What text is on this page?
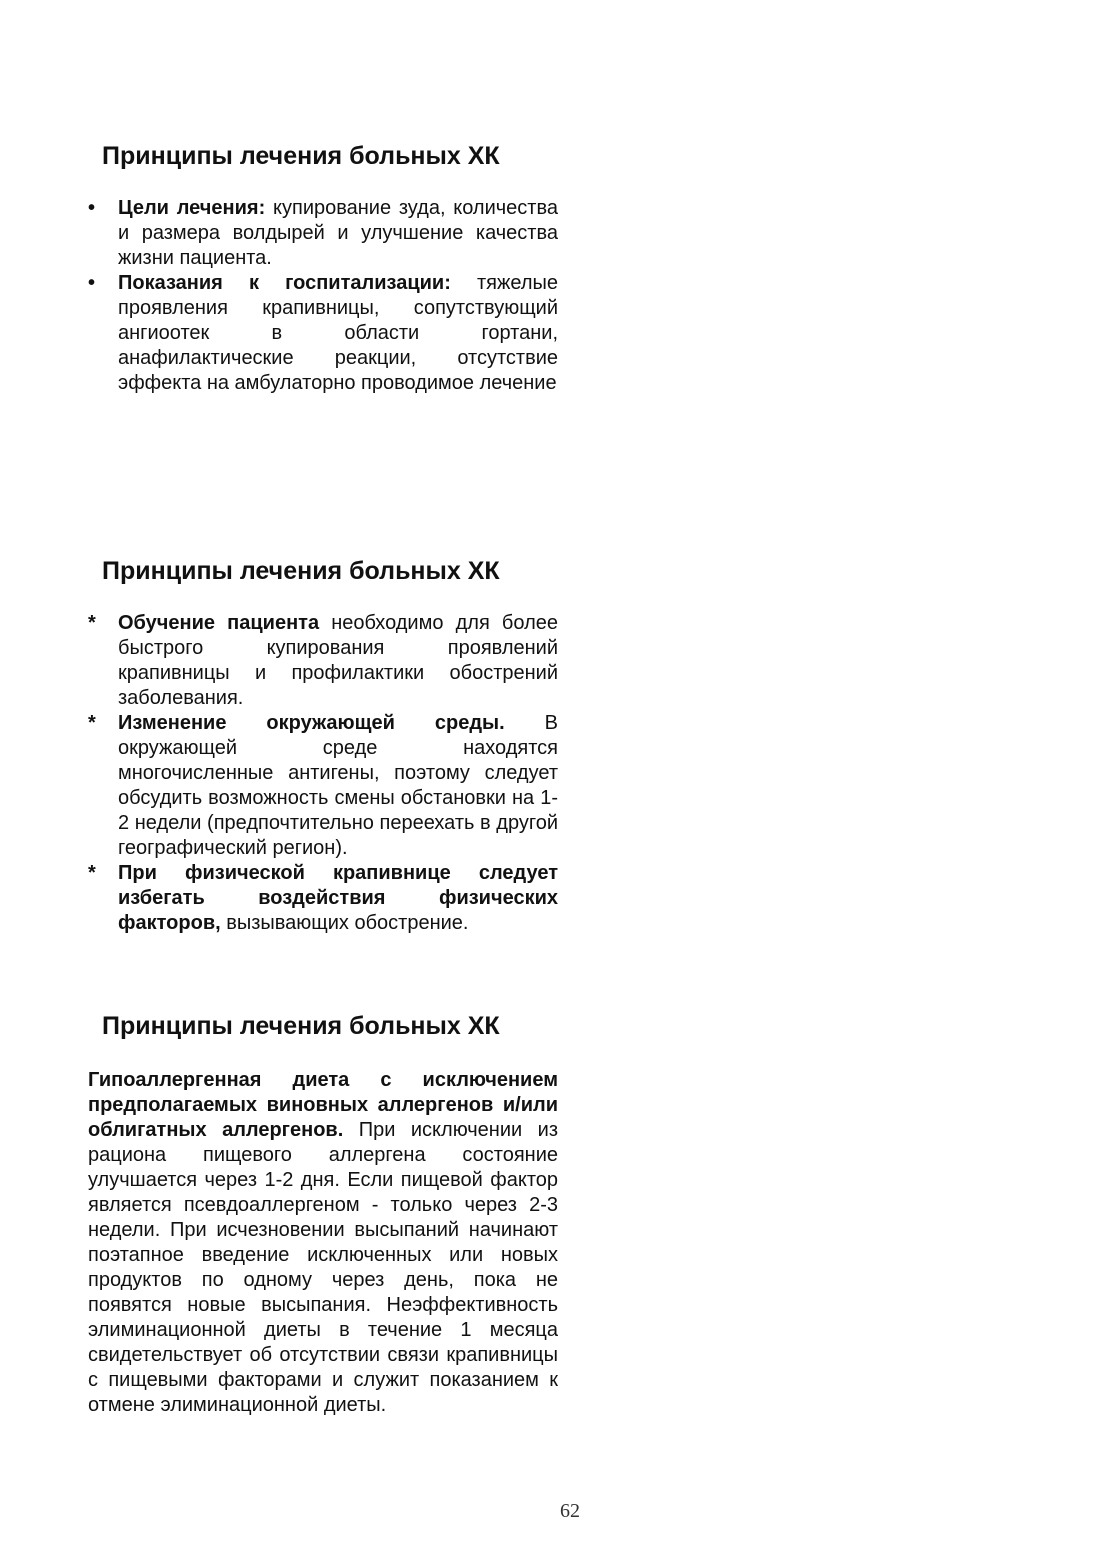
Принципы лечения больных ХК
•	Цели лечения: купирование зуда, количества и размера волдырей и улучшение качества жизни пациента.
•	Показания к госпитализации: тяжелые проявления крапивницы, сопутствующий ангиоотек в области гортани, анафилактические реакции, отсутствие эффекта на амбулаторно проводимое лечение
Принципы лечения больных ХК
*	Обучение пациента необходимо для более быстрого купирования проявлений крапивницы и профилактики обострений заболевания.
*	Изменение окружающей среды. В окружающей среде находятся многочисленные антигены, поэтому следует обсудить возможность смены обстановки на 1-2 недели (предпочтительно переехать в другой географический регион).
*	При физической крапивнице следует избегать воздействия физических факторов, вызывающих обострение.
Принципы лечения больных ХК

Гипоаллергенная диета с исключением предполагаемых виновных аллергенов и/или облигатных аллергенов. При исключении из рациона пищевого аллергена состояние улучшается через 1-2 дня. Если пищевой фактор является псевдоаллергеном - только через 2-3 недели. При исчезновении высыпаний начинают поэтапное введение исключенных или новых продуктов по одному через день, пока не появятся новые высыпания. Неэффективность элиминационной диеты в течение 1 месяца свидетельствует об отсутствии связи крапивницы с пищевыми факторами и служит показанием к отмене элиминационной диеты.

62
